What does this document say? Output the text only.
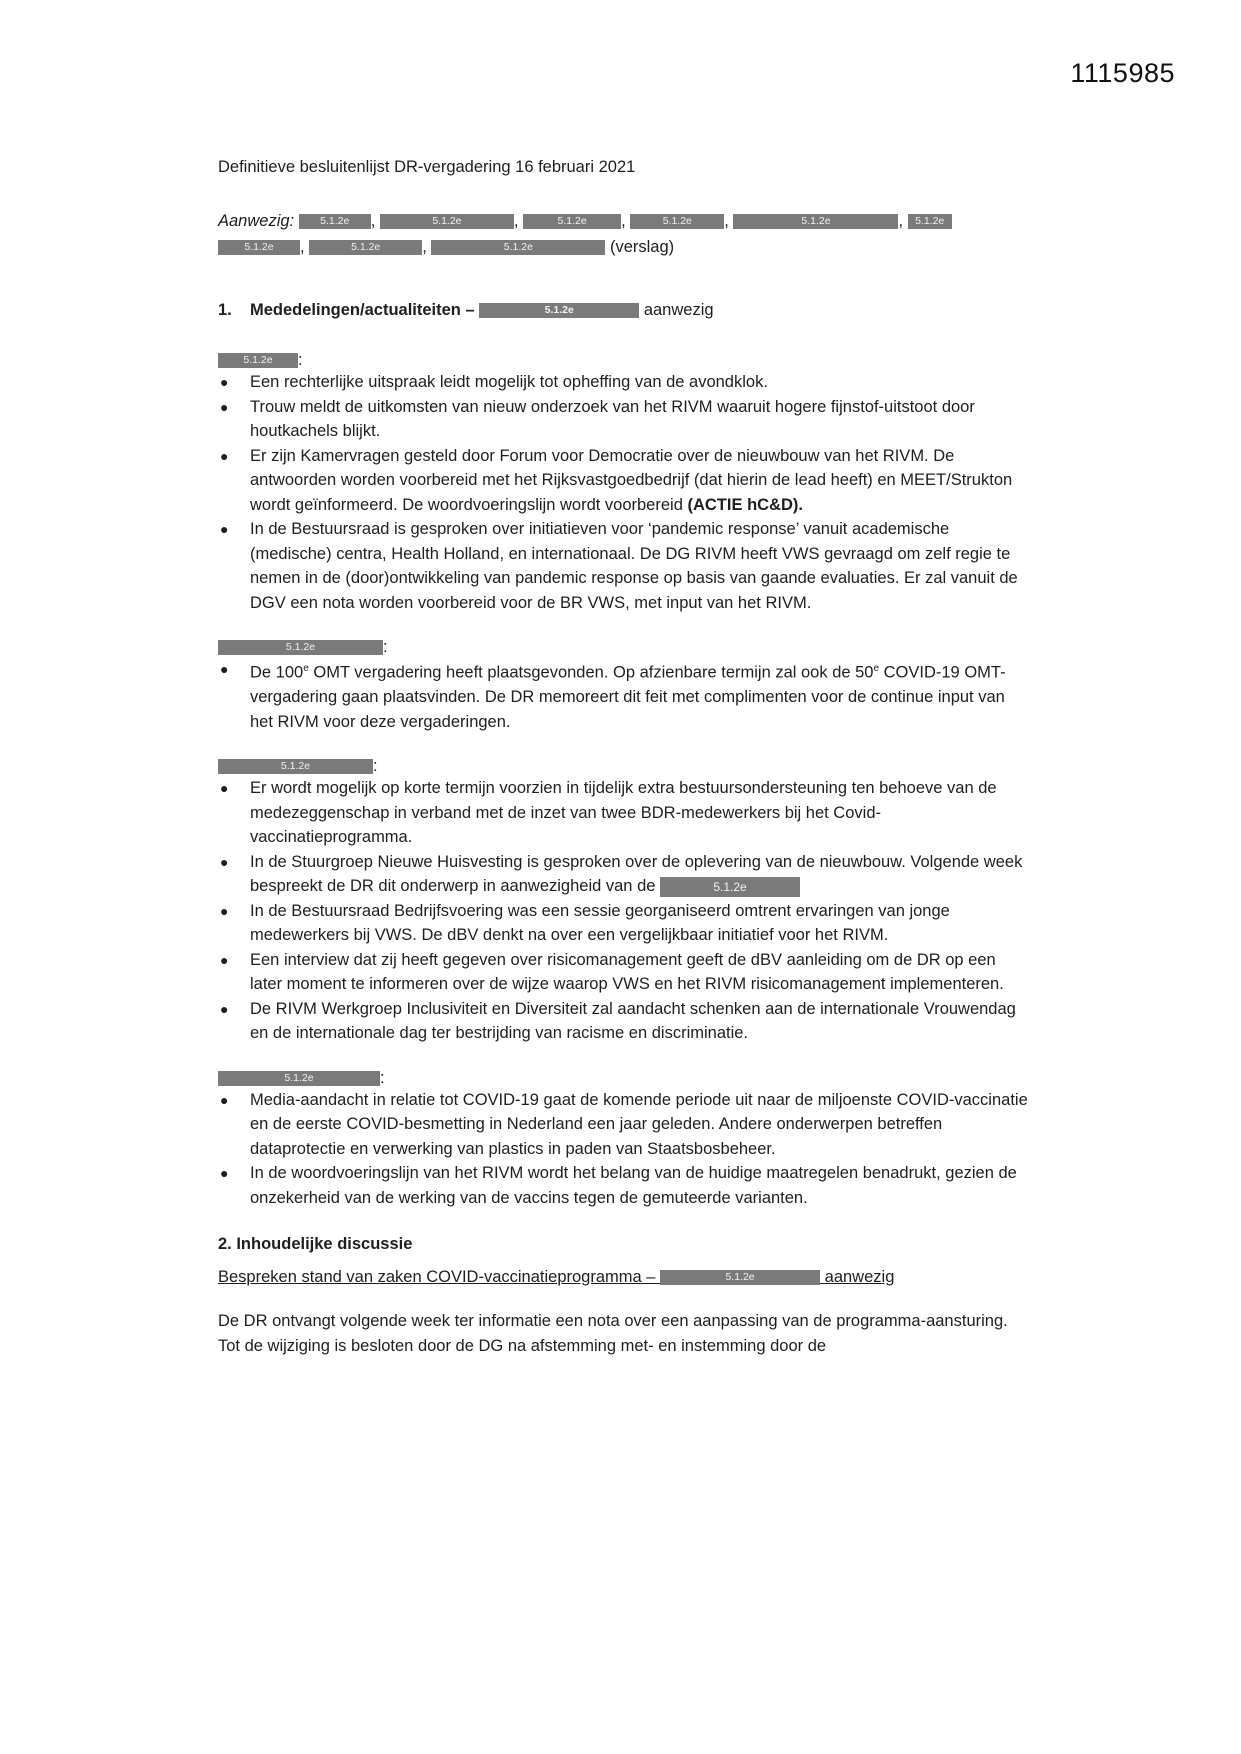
1115985

Definitieve besluitenlijst DR-vergadering 16 februari 2021

Aanwezig: 5.1.2e ,	5.1.2e	,	5.1.2e ,	5.1.2e ,	5.1.2e	, 5.1.2e
5.1.2e ,	5.1.2e	,	5.1.2e	(verslag)
1. Mededelingen/actualiteiten –	5.1.2e	aanwezig
5.1.2e :
● Een rechterlijke uitspraak leidt mogelijk tot opheffing van de avondklok.
● Trouw meldt de uitkomsten van nieuw onderzoek van het RIVM waaruit hogere fijnstof-uitstoot door houtkachels blijkt.
● Er zijn Kamervragen gesteld door Forum voor Democratie over de nieuwbouw van het RIVM. De antwoorden worden voorbereid met het Rijksvastgoedbedrijf (dat hierin de lead heeft) en MEET/Strukton wordt geïnformeerd. De woordvoeringslijn wordt voorbereid (ACTIE hC&D).
● In de Bestuursraad is gesproken over initiatieven voor ‘pandemic response’ vanuit academische (medische) centra, Health Holland, en internationaal. De DG RIVM heeft VWS gevraagd om zelf regie te nemen in de (door)ontwikkeling van pandemic response op basis van gaande evaluaties. Er zal vanuit de DGV een nota worden voorbereid voor de BR VWS, met input van het RIVM.
5.1.2e	:
● De 100e OMT vergadering heeft plaatsgevonden. Op afzienbare termijn zal ook de 50e COVID-19 OMT-vergadering gaan plaatsvinden. De DR memoreert dit feit met complimenten voor de continue input van het RIVM voor deze vergaderingen.
5.1.2e	:
● Er wordt mogelijk op korte termijn voorzien in tijdelijk extra bestuursondersteuning ten behoeve van de medezeggenschap in verband met de inzet van twee BDR-medewerkers bij het Covid-vaccinatieprogramma.
● In de Stuurgroep Nieuwe Huisvesting is gesproken over de oplevering van de nieuwbouw. Volgende week bespreekt de DR dit onderwerp in aanwezigheid van de	5.1.2e
● In de Bestuursraad Bedrijfsvoering was een sessie georganiseerd omtrent ervaringen van jonge medewerkers bij VWS. De dBV denkt na over een vergelijkbaar initiatief voor het RIVM.
● Een interview dat zij heeft gegeven over risicomanagement geeft de dBV aanleiding om de DR op een later moment te informeren over de wijze waarop VWS en het RIVM risicomanagement implementeren.
● De RIVM Werkgroep Inclusiviteit en Diversiteit zal aandacht schenken aan de internationale Vrouwendag en de internationale dag ter bestrijding van racisme en discriminatie.
5.1.2e	:
● Media-aandacht in relatie tot COVID-19 gaat de komende periode uit naar de miljoenste COVID-vaccinatie en de eerste COVID-besmetting in Nederland een jaar geleden. Andere onderwerpen betreffen dataprotectie en verwerking van plastics in paden van Staatsbosbeheer.
● In de woordvoeringslijn van het RIVM wordt het belang van de huidige maatregelen benadrukt, gezien de onzekerheid van de werking van de vaccins tegen de gemuteerde varianten.
2. Inhoudelijke discussie
Bespreken stand van zaken COVID-vaccinatieprogramma –	5.1.2e	aanwezig

De DR ontvangt volgende week ter informatie een nota over een aanpassing van de programma-aansturing. Tot de wijziging is besloten door de DG na afstemming met- en instemming door de
